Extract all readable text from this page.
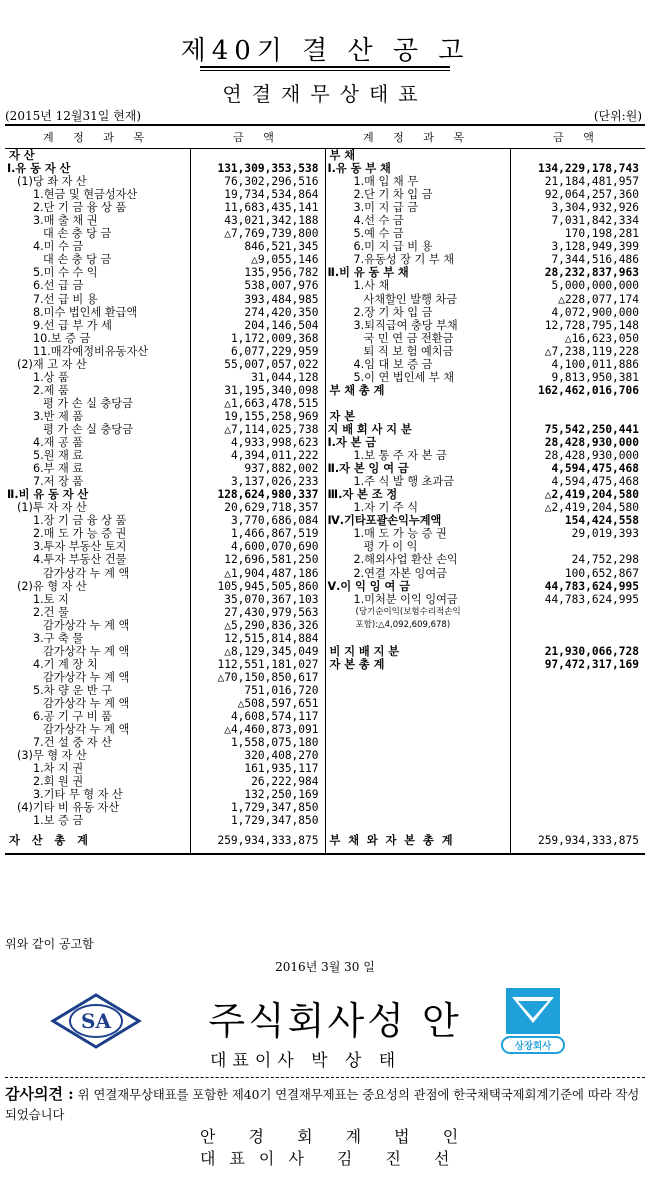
제40기 결 산 공 고
연결재무상태표
(2015년 12월31일 현재)	(단위:원)
계 정 과 목	금 액	계 정 과 목	금 액
자 산		부 채	
Ⅰ.유 동 자 산	131,309,353,538	Ⅰ.유 동 부 채	134,229,178,743
(1)당 좌 자 산	76,302,296,516	1.매 입 채 무	21,184,481,957
1.현금 및 현금성자산	19,734,534,864	2.단 기 차 입 금	92,064,257,360
2.단 기 금 융 상 품	11,683,435,141	3.미 지 급 금	3,304,932,926
3.매 출 채 권	43,021,342,188	4.선 수 금	7,031,842,334
대 손 충 당 금	△7,769,739,800	5.예 수 금	170,198,281
4.미 수 금	846,521,345	6.미 지 급 비 용	3,128,949,399
대 손 충 당 금	△9,055,146	7.유동성 장 기 부 채	7,344,516,486
5.미 수 수 익	135,956,782	Ⅱ.비 유 동 부 채	28,232,837,963
6.선 급 금	538,007,976	1.사 채	5,000,000,000
7.선 급 비 용	393,484,985	사채할인 발행 차금	△228,077,174
8.미수 법인세 환급액	274,420,350	2.장 기 차 입 금	4,072,900,000
9.선 급 부 가 세	204,146,504	3.퇴직급여 충당 부채	12,728,795,148
10.보 증 금	1,172,009,368	국 민 연 금 전환금	△16,623,050
11.매각예정비유동자산	6,077,229,959	퇴 직 보 험 예치금	△7,238,119,228
(2)재 고 자 산	55,007,057,022	4.임 대 보 증 금	4,100,011,886
1.상 품	31,044,128	5.이 연 법인세 부 채	9,813,950,381
2.제 품	31,195,340,098	부 채 총 계	162,462,016,706
평 가 손 실 충당금	△1,663,478,515		
3.반 제 품	19,155,258,969	자 본	
평 가 손 실 충당금	△7,114,025,738	지 배 회 사 지 분	75,542,250,441
4.재 공 품	4,933,998,623	Ⅰ.자 본 금	28,428,930,000
5.원 재 료	4,394,011,222	1.보 통 주 자 본 금	28,428,930,000
6.부 재 료	937,882,002	Ⅱ.자 본 잉 여 금	4,594,475,468
7.저 장 품	3,137,026,233	1.주 식 발 행 초과금	4,594,475,468
Ⅱ.비 유 동 자 산	128,624,980,337	Ⅲ.자 본 조 정	△2,419,204,580
(1)투 자 자 산	20,629,718,357	1.자 기 주 식	△2,419,204,580
1.장 기 금 융 상 품	3,770,686,084	Ⅳ.기타포괄손익누계액	154,424,558
2.매 도 가 능 증 권	1,466,867,519	1.매 도 가 능 증 권	29,019,393
3.투자 부동산 토지	4,600,070,690	평 가 이 익	
4.투자 부동산 건물	12,696,581,250	2.해외사업 환산 손익	24,752,298
감가상각 누 계 액	△1,904,487,186	2.연결 자본 잉여금	100,652,867
(2)유 형 자 산	105,945,505,860	Ⅴ.이 익 잉 여 금	44,783,624,995
1.토 지	35,070,367,103	1.미처분 이익 잉여금	44,783,624,995
2.건 물	27,430,979,563	(당기순이익(보험수리적손익	
감가상각 누 계 액	△5,290,836,326	포함):△4,092,609,678)	
3.구 축 물	12,515,814,884		
감가상각 누 계 액	△8,129,345,049	비 지 배 지 분	21,930,066,728
4.기 계 장 치	112,551,181,027	자 본 총 계	97,472,317,169
감가상각 누 계 액	△70,150,850,617		
5.차 량 운 반 구	751,016,720		
감가상각 누 계 액	△508,597,651		
6.공 기 구 비 품	4,608,574,117		
감가상각 누 계 액	△4,460,873,091		
7.건 설 중 자 산	1,558,075,180		
(3)무 형 자 산	320,408,270		
1.차 지 권	161,935,117		
2.회 원 권	26,222,984		
3.기타 무 형 자 산	132,250,169		
(4)기타 비 유동 자산	1,729,347,850		
1.보 증 금	1,729,347,850		
자 산 총 계	259,934,333,875	부 채 와 자 본 총 계	259,934,333,875
위와 같이 공고함
2016년 3월 30 일
SA	주식회사성 안
대표이사 박 상 태
상장회사
감사의견 : 위 연결재무상태표를 포함한 제40기 연결재무제표는 중요성의 관점에 한국채택국제회계기준에 따라 작성되었습니다
안 경 회 계 법 인
대표이사 김 진 선
